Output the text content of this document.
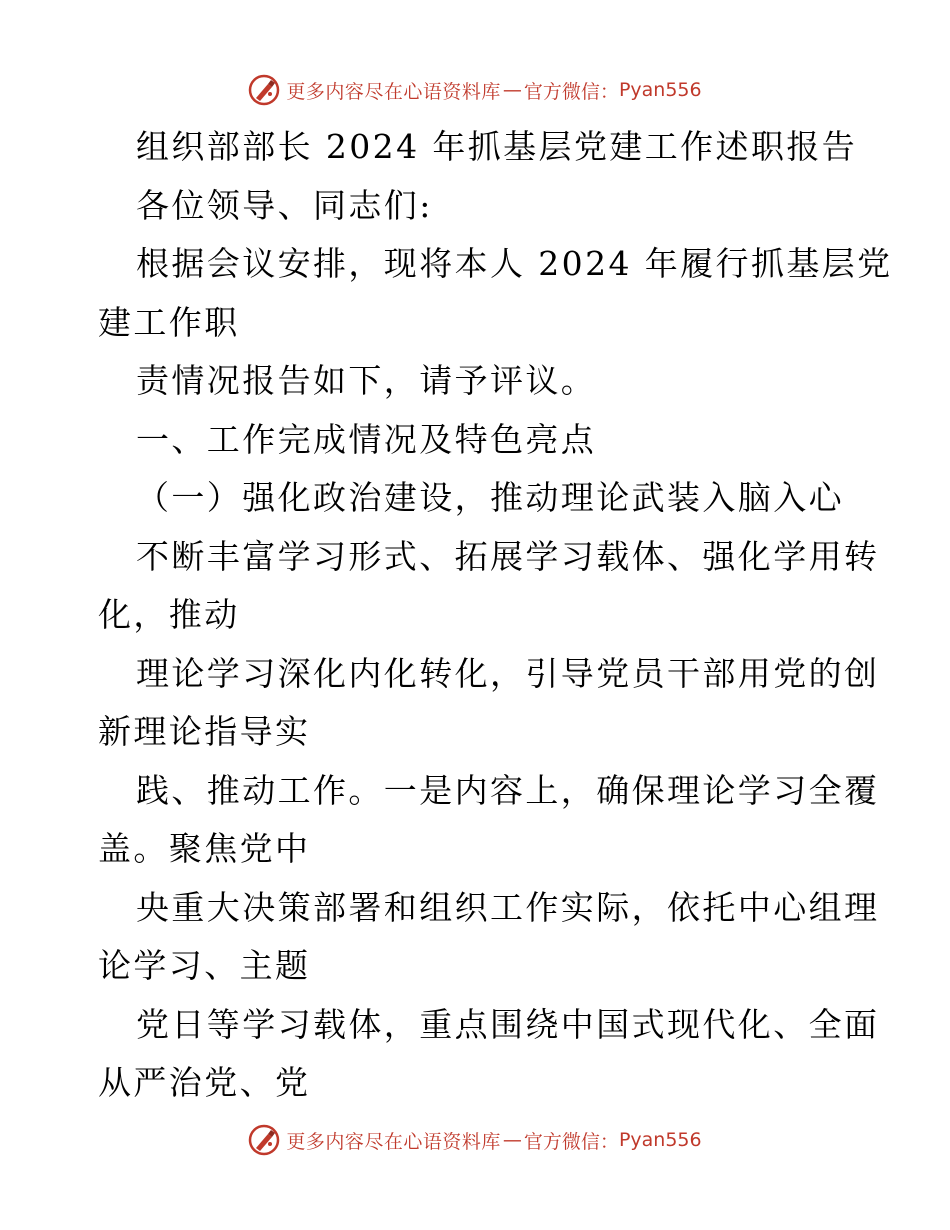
更多内容尽在心语资料库 — 官方微信： Pyan556
组织部部长 2024 年抓基层党建工作述职报告
各位领导、同志们:
根据会议安排，现将本人 2024 年履行抓基层党
建工作职
责情况报告如下，请予评议。
一、工作完成情况及特色亮点
（一）强化政治建设，推动理论武装入脑入心
不断丰富学习形式、拓展学习载体、强化学用转
化，推动
理论学习深化内化转化，引导党员干部用党的创
新理论指导实
践、推动工作。一是内容上，确保理论学习全覆
盖。聚焦党中
央重大决策部署和组织工作实际，依托中心组理
论学习、主题
党日等学习载体，重点围绕中国式现代化、全面
从严治党、党
更多内容尽在心语资料库 — 官方微信： Pyan556
